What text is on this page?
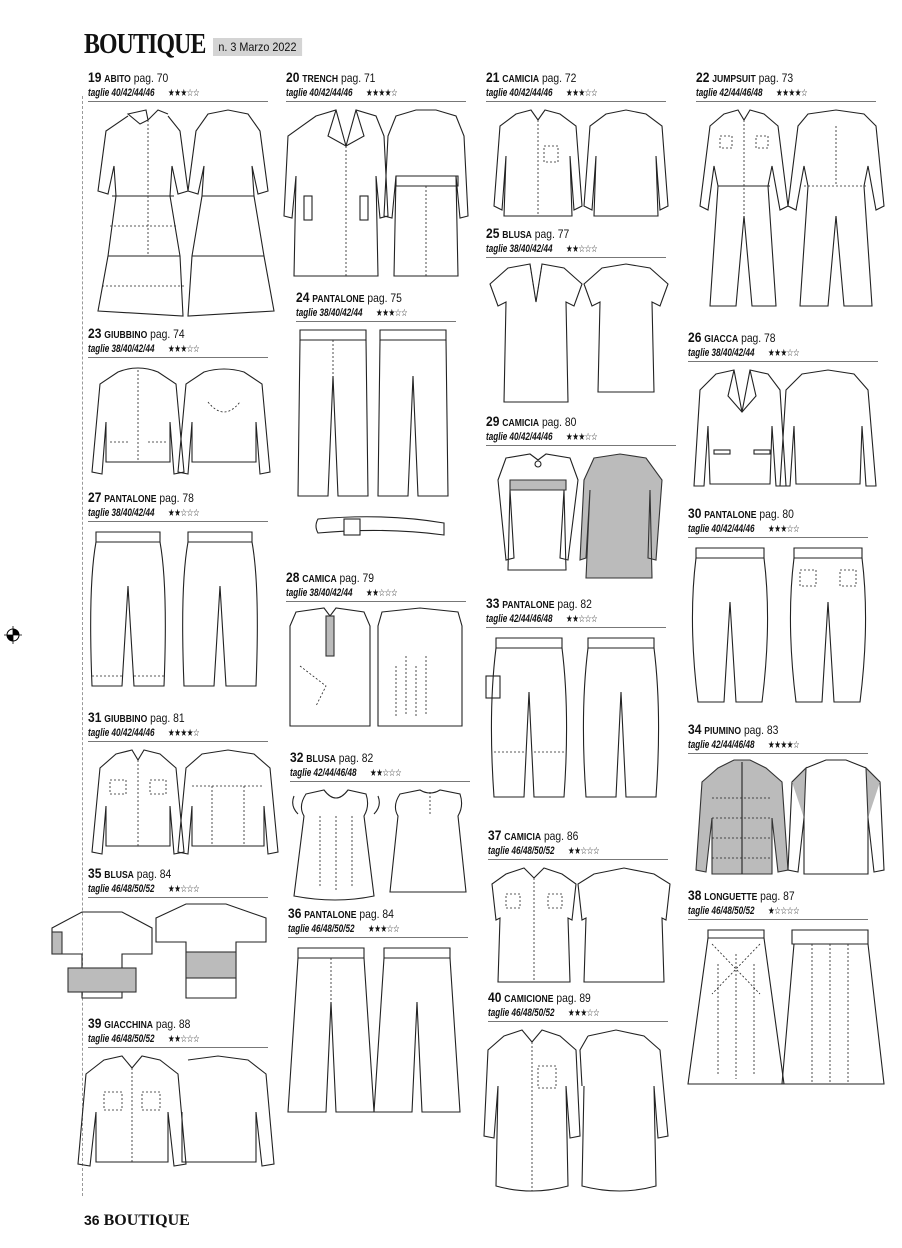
BOUTIQUE	n. 3 Marzo 2022
19 ABITO pag. 70
taglie 40/42/44/46 ★★★☆☆
20 TRENCH pag. 71
taglie 40/42/44/46 ★★★★☆
21 CAMICIA pag. 72
taglie 40/42/44/46 ★★★☆☆
22 JUMPSUIT pag. 73
taglie 42/44/46/48 ★★★★☆
23 GIUBBINO pag. 74
taglie 38/40/42/44 ★★★☆☆
24 PANTALONE pag. 75
taglie 38/40/42/44 ★★★☆☆
25 BLUSA pag. 77
taglie 38/40/42/44 ★★☆☆☆
26 GIACCA pag. 78
taglie 38/40/42/44 ★★★☆☆
27 PANTALONE pag. 78
taglie 38/40/42/44 ★★☆☆☆
28 CAMICA pag. 79
taglie 38/40/42/44 ★★☆☆☆
29 CAMICIA pag. 80
taglie 40/42/44/46 ★★★☆☆
30 PANTALONE pag. 80
taglie 40/42/44/46 ★★★☆☆
31 GIUBBINO pag. 81
taglie 40/42/44/46 ★★★★☆
32 BLUSA pag. 82
taglie 42/44/46/48 ★★☆☆☆
33 PANTALONE pag. 82
taglie 42/44/46/48 ★★☆☆☆
34 PIUMINO pag. 83
taglie 42/44/46/48 ★★★★☆
35 BLUSA pag. 84
taglie 46/48/50/52 ★★☆☆☆
36 PANTALONE pag. 84
taglie 46/48/50/52 ★★★☆☆
37 CAMICIA pag. 86
taglie 46/48/50/52 ★★☆☆☆
38 LONGUETTE pag. 87
taglie 46/48/50/52 ★☆☆☆☆
39 GIACCHINA pag. 88
taglie 46/48/50/52 ★★☆☆☆
40 CAMICIONE pag. 89
taglie 46/48/50/52 ★★★☆☆
36 BOUTIQUE
